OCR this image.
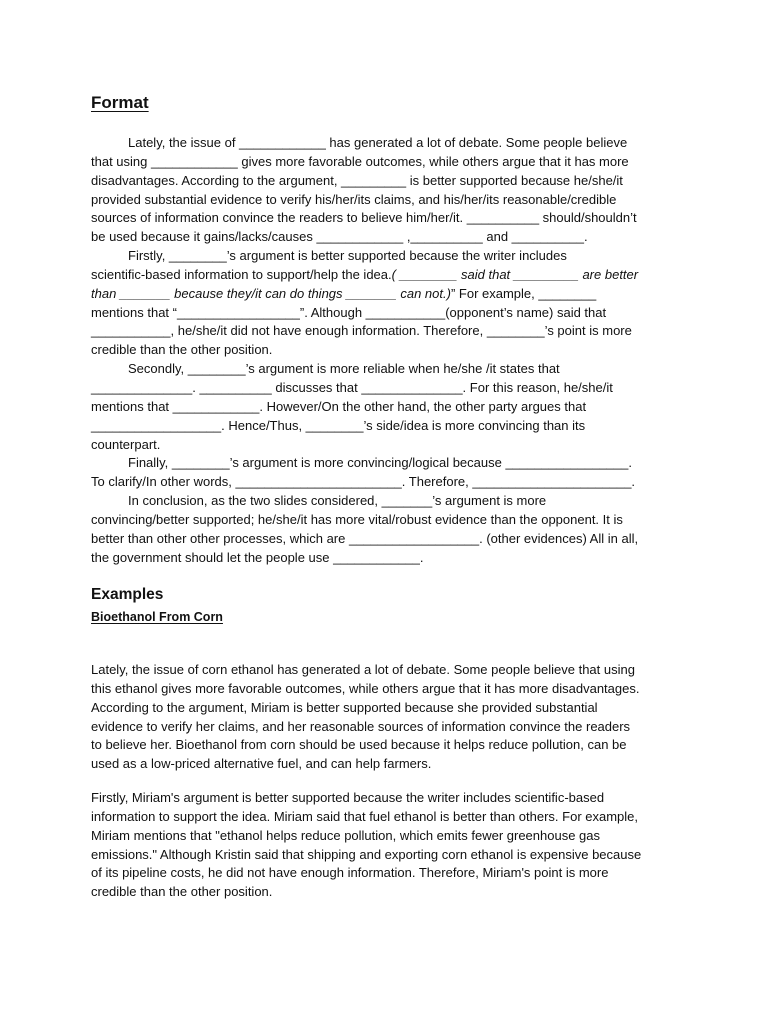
Format

Lately, the issue of ____________ has generated a lot of debate. Some people believe
that using ____________ gives more favorable outcomes, while others argue that it has more
disadvantages. According to the argument, _________ is better supported because he/she/it
provided substantial evidence to verify his/her/its claims, and his/her/its reasonable/credible
sources of information convince the readers to believe him/her/it. __________ should/shouldn’t
be used because it gains/lacks/causes ____________ ,__________ and __________.

Firstly, ________’s argument is better supported because the writer includes
scientific-based information to support/help the idea.( ________ said that _________ are better
than _______ because they/it can do things _______ can not.)” For example, ________
mentions that “_________________”. Although ___________(opponent’s name) said that
___________, he/she/it did not have enough information. Therefore, ________’s point is more
credible than the other position.

Secondly, ________’s argument is more reliable when he/she /it states that
______________. __________ discusses that ______________. For this reason, he/she/it
mentions that ____________. However/On the other hand, the other party argues that
__________________. Hence/Thus, ________’s side/idea is more convincing than its
counterpart.

Finally, ________’s argument is more convincing/logical because _________________.
To clarify/In other words, _______________________. Therefore, ______________________.

In conclusion, as the two slides considered, _______’s argument is more
convincing/better supported; he/she/it has more vital/robust evidence than the opponent. It is
better than other other processes, which are __________________. (other evidences) All in all,
the government should let the people use ____________.

Examples
Bioethanol From Corn
Lately, the issue of corn ethanol has generated a lot of debate. Some people believe that using
this ethanol gives more favorable outcomes, while others argue that it has more disadvantages.
According to the argument, Miriam is better supported because she provided substantial
evidence to verify her claims, and her reasonable sources of information convince the readers
to believe her. Bioethanol from corn should be used because it helps reduce pollution, can be
used as a low-priced alternative fuel, and can help farmers.
Firstly, Miriam's argument is better supported because the writer includes scientific-based
information to support the idea. Miriam said that fuel ethanol is better than others. For example,
Miriam mentions that "ethanol helps reduce pollution, which emits fewer greenhouse gas
emissions." Although Kristin said that shipping and exporting corn ethanol is expensive because
of its pipeline costs, he did not have enough information. Therefore, Miriam's point is more
credible than the other position.
